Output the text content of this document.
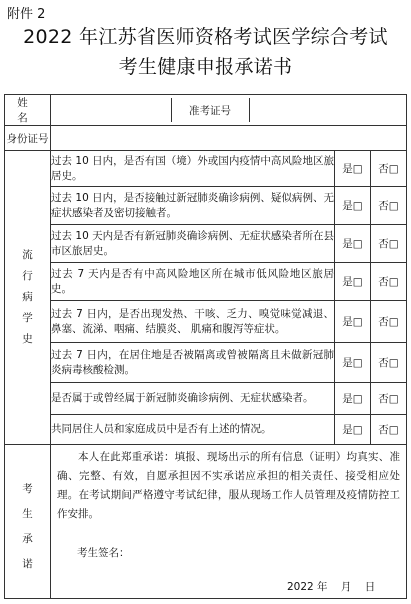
附件 2
2022 年江苏省医师资格考试医学综合考试
考生健康申报承诺书
姓 名	
	准考证号	

身份证号	

流
行
病
学
史
	过去 10 日内，是否有国（境）外或国内疫情中高风险地区旅居史。	是□	否□
过去 10 日内，是否接触过新冠肺炎确诊病例、疑似病例、无症状感染者及密切接触者。	是□	否□
过去 10 天内是否有新冠肺炎确诊病例、无症状感染者所在县市区旅居史。	是□	否□
过去 7 天内是否有中高风险地区所在城市低风险地区旅居史。	是□	否□
过去 7 日内，是否出现发热、干咳、乏力、嗅觉味觉减退、鼻塞、流涕、咽痛、结膜炎、 肌痛和腹泻等症状。	是□	否□
过去 7 日内，在居住地是否被隔离或曾被隔离且未做新冠肺炎病毒核酸检测。	是□	否□
是否属于或曾经属于新冠肺炎确诊病例、无症状感染者。	是□	否□
共同居住人员和家庭成员中是否有上述的情况。	是□	否□

考
生
承
诺

本人在此郑重承诺：填报、现场出示的所有信息（证明）均真实、准确、完整、有效，自愿承担因不实承诺应承担的相关责任、接受相应处理。在考试期间严格遵守考试纪律，服从现场工作人员管理及疫情防控工作安排。
考生签名：
2022 年    月    日
